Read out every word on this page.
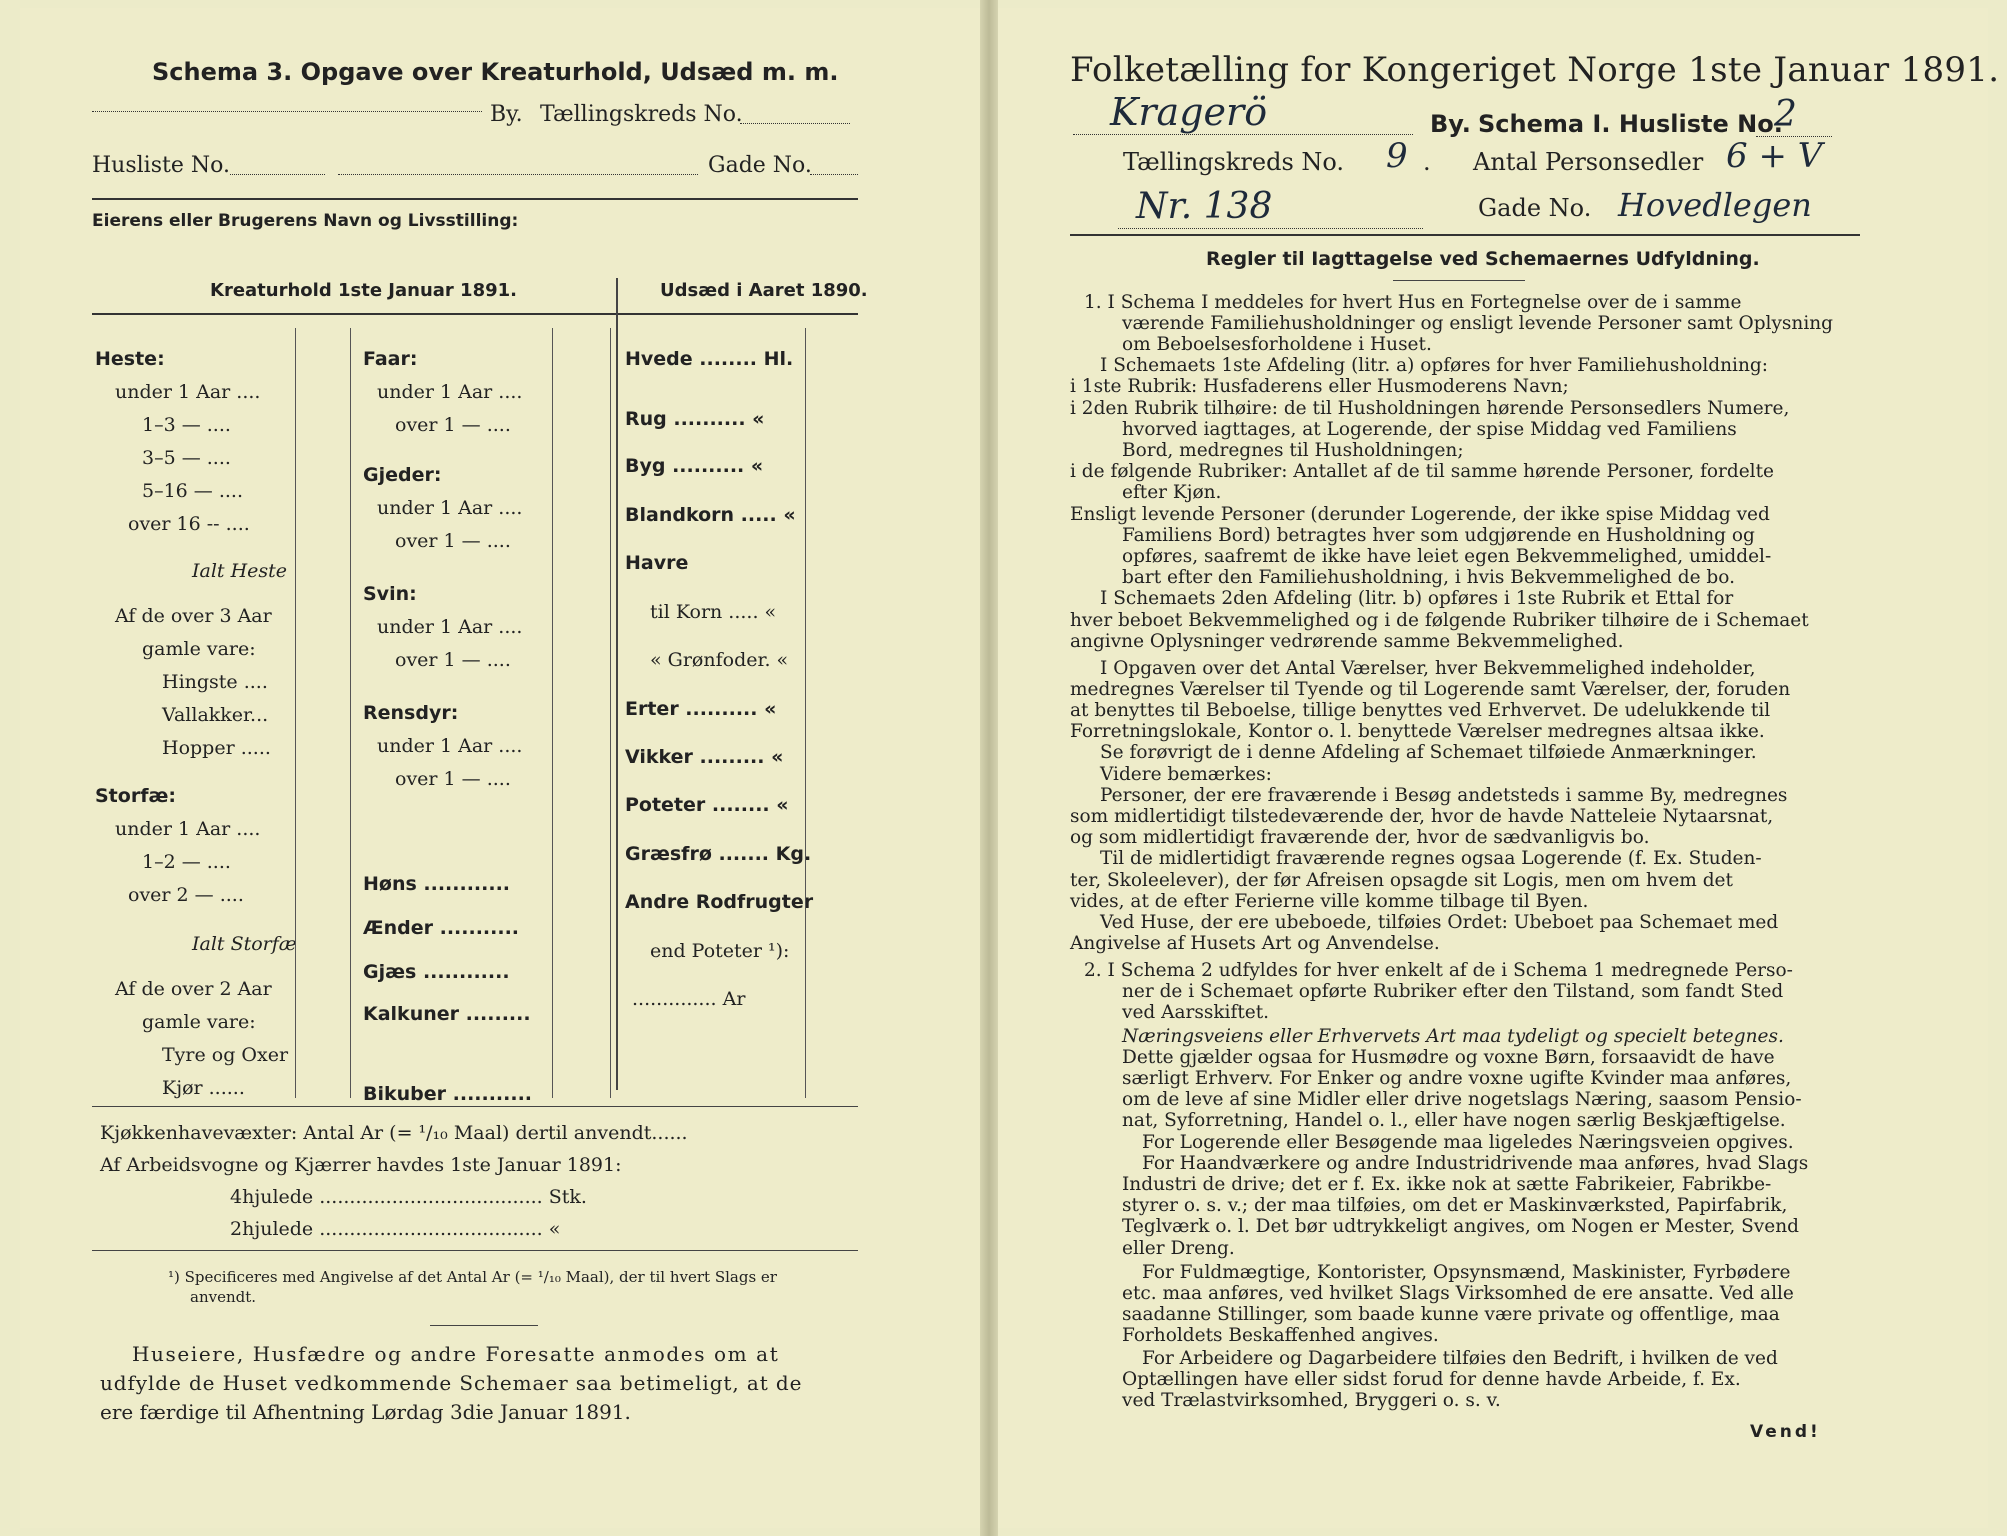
Schema 3. Opgave over Kreaturhold, Udsæd m. m.
By. Tællingskreds No.
Husliste No.	Gade No.
Eierens eller Brugerens Navn og Livsstilling:
Kreaturhold 1ste Januar 1891.	Udsæd i Aaret 1890.
Heste:
under 1 Aar ....
1–3 — ....
3–5 — ....
5–16 — ....
over 16 -- ....
Ialt Heste
Af de over 3 Aar
gamle vare:
Hingste ....
Vallakker...
Hopper .....
Storfæ:
under 1 Aar ....
1–2 — ....
over 2 — ....
Ialt Storfæ
Af de over 2 Aar
gamle vare:
Tyre og Oxer
Kjør ......
Faar:
under 1 Aar ....
over 1 — ....
Gjeder:
under 1 Aar ....
over 1 — ....
Svin:
under 1 Aar ....
over 1 — ....
Rensdyr:
under 1 Aar ....
over 1 — ....
Høns ............
Ænder ...........
Gjæs ............
Kalkuner .........
Bikuber ...........
Hvede ........ Hl.
Rug .......... «
Byg .......... «
Blandkorn ..... «
Havre
til Korn ..... «
« Grønfoder. «
Erter .......... «
Vikker ......... «
Poteter ........ «
Græsfrø ....... Kg.
Andre Rodfrugter
end Poteter ¹):
.............. Ar
Kjøkkenhavevæxter: Antal Ar (= ¹/₁₀ Maal) dertil anvendt......
Af Arbeidsvogne og Kjærrer havdes 1ste Januar 1891:
4hjulede ..................................... Stk.
2hjulede ..................................... «
¹) Specificeres med Angivelse af det Antal Ar (= ¹/₁₀ Maal), der til hvert Slags er
anvendt.
Huseiere, Husfædre og andre Foresatte anmodes om at
udfylde de Huset vedkommende Schemaer saa betimeligt, at de
ere færdige til Afhentning Lørdag 3die Januar 1891.
Folketælling for Kongeriget Norge 1ste Januar 1891.
Kragerö	By. Schema I. Husliste No.
2
Tællingskreds No. 9 . Antal Personsedler 6 + V
Nr. 138	Gade No. Hovedlegen
Regler til Iagttagelse ved Schemaernes Udfyldning.
1. I Schema I meddeles for hvert Hus en Fortegnelse over de i samme
værende Familiehusholdninger og ensligt levende Personer samt Oplysning
om Beboelsesforholdene i Huset.
I Schemaets 1ste Afdeling (litr. a) opføres for hver Familiehusholdning:
i 1ste Rubrik: Husfaderens eller Husmoderens Navn;
i 2den Rubrik tilhøire: de til Husholdningen hørende Personsedlers Numere,
hvorved iagttages, at Logerende, der spise Middag ved Familiens
Bord, medregnes til Husholdningen;
i de følgende Rubriker: Antallet af de til samme hørende Personer, fordelte
efter Kjøn.
Ensligt levende Personer (derunder Logerende, der ikke spise Middag ved
Familiens Bord) betragtes hver som udgjørende en Husholdning og
opføres, saafremt de ikke have leiet egen Bekvemmelighed, umiddel-
bart efter den Familiehusholdning, i hvis Bekvemmelighed de bo.
I Schemaets 2den Afdeling (litr. b) opføres i 1ste Rubrik et Ettal for
hver beboet Bekvemmelighed og i de følgende Rubriker tilhøire de i Schemaet
angivne Oplysninger vedrørende samme Bekvemmelighed.
I Opgaven over det Antal Værelser, hver Bekvemmelighed indeholder,
medregnes Værelser til Tyende og til Logerende samt Værelser, der, foruden
at benyttes til Beboelse, tillige benyttes ved Erhvervet. De udelukkende til
Forretningslokale, Kontor o. l. benyttede Værelser medregnes altsaa ikke.
Se forøvrigt de i denne Afdeling af Schemaet tilføiede Anmærkninger.
Videre bemærkes:
Personer, der ere fraværende i Besøg andetsteds i samme By, medregnes
som midlertidigt tilstedeværende der, hvor de havde Natteleie Nytaarsnat,
og som midlertidigt fraværende der, hvor de sædvanligvis bo.
Til de midlertidigt fraværende regnes ogsaa Logerende (f. Ex. Studen-
ter, Skoleelever), der før Afreisen opsagde sit Logis, men om hvem det
vides, at de efter Ferierne ville komme tilbage til Byen.
Ved Huse, der ere ubeboede, tilføies Ordet: Ubeboet paa Schemaet med
Angivelse af Husets Art og Anvendelse.
2. I Schema 2 udfyldes for hver enkelt af de i Schema 1 medregnede Perso-
ner de i Schemaet opførte Rubriker efter den Tilstand, som fandt Sted
ved Aarsskiftet.
Næringsveiens eller Erhvervets Art maa tydeligt og specielt betegnes.
Dette gjælder ogsaa for Husmødre og voxne Børn, forsaavidt de have
særligt Erhverv. For Enker og andre voxne ugifte Kvinder maa anføres,
om de leve af sine Midler eller drive nogetslags Næring, saasom Pensio-
nat, Syforretning, Handel o. l., eller have nogen særlig Beskjæftigelse.
For Logerende eller Besøgende maa ligeledes Næringsveien opgives.
For Haandværkere og andre Industridrivende maa anføres, hvad Slags
Industri de drive; det er f. Ex. ikke nok at sætte Fabrikeier, Fabrikbe-
styrer o. s. v.; der maa tilføies, om det er Maskinværksted, Papirfabrik,
Teglværk o. l. Det bør udtrykkeligt angives, om Nogen er Mester, Svend
eller Dreng.
For Fuldmægtige, Kontorister, Opsynsmænd, Maskinister, Fyrbødere
etc. maa anføres, ved hvilket Slags Virksomhed de ere ansatte. Ved alle
saadanne Stillinger, som baade kunne være private og offentlige, maa
Forholdets Beskaffenhed angives.
For Arbeidere og Dagarbeidere tilføies den Bedrift, i hvilken de ved
Optællingen have eller sidst forud for denne havde Arbeide, f. Ex.
ved Trælastvirksomhed, Bryggeri o. s. v.
Vend!
